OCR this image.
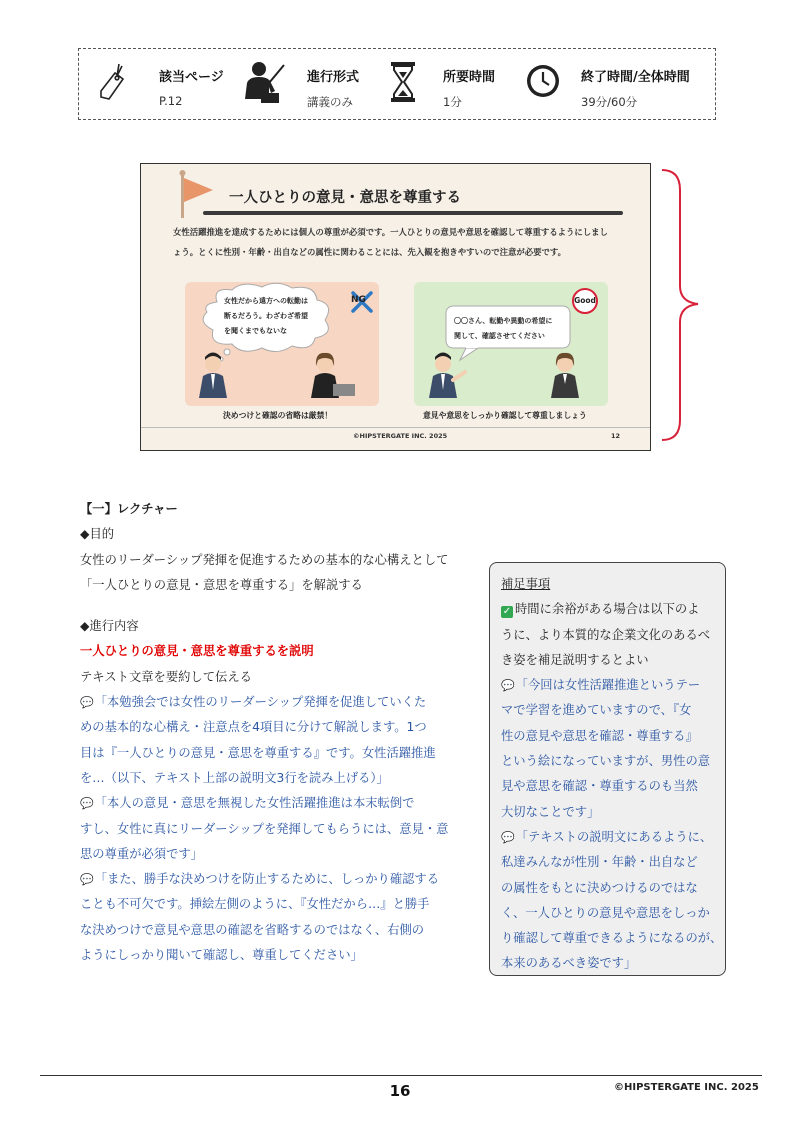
該当ページ
P.12
進行形式
講義のみ
所要時間
1分
終了時間/全体時間
39分/60分
一人ひとりの意見・意思を尊重する
女性活躍推進を達成するためには個人の尊重が必須です。一人ひとりの意見や意思を確認して尊重するようにしましょう。とくに性別・年齢・出自などの属性に関わることには、先入観を抱きやすいので注意が必要です。
女性だから遠方への転勤は
断るだろう。わざわざ希望
を聞くまでもないな
NG
決めつけと確認の省略は厳禁！
〇〇さん、転勤や異動の希望に
関して、確認させてください
Good
意見や意思をしっかり確認して尊重しましょう
©HIPSTERGATE INC. 2025	12
【一】レクチャー
◆目的
女性のリーダーシップ発揮を促進するための基本的な心構えとして
「一人ひとりの意見・意思を尊重する」を解説する
◆進行内容
一人ひとりの意見・意思を尊重するを説明
テキスト文章を要約して伝える
💬「本勉強会では女性のリーダーシップ発揮を促進していくた
めの基本的な心構え・注意点を4項目に分けて解説します。1つ
目は『一人ひとりの意見・意思を尊重する』です。女性活躍推進
を…（以下、テキスト上部の説明文3行を読み上げる）」
💬「本人の意見・意思を無視した女性活躍推進は本末転倒で
すし、女性に真にリーダーシップを発揮してもらうには、意見・意
思の尊重が必須です」
💬「また、勝手な決めつけを防止するために、しっかり確認する
ことも不可欠です。挿絵左側のように、『女性だから…』と勝手
な決めつけで意見や意思の確認を省略するのではなく、右側の
ようにしっかり聞いて確認し、尊重してください」
補足事項
✓ 時間に余裕がある場合は以下のよ
うに、より本質的な企業文化のあるべ
き姿を補足説明するとよい
💬「今回は女性活躍推進というテー
マで学習を進めていますので、『女
性の意見や意思を確認・尊重する』
という絵になっていますが、男性の意
見や意思を確認・尊重するのも当然
大切なことです」
💬「テキストの説明文にあるように、
私達みんなが性別・年齢・出自など
の属性をもとに決めつけるのではな
く、一人ひとりの意見や意思をしっか
り確認して尊重できるようになるのが、
本来のあるべき姿です」
16	©HIPSTERGATE INC. 2025
